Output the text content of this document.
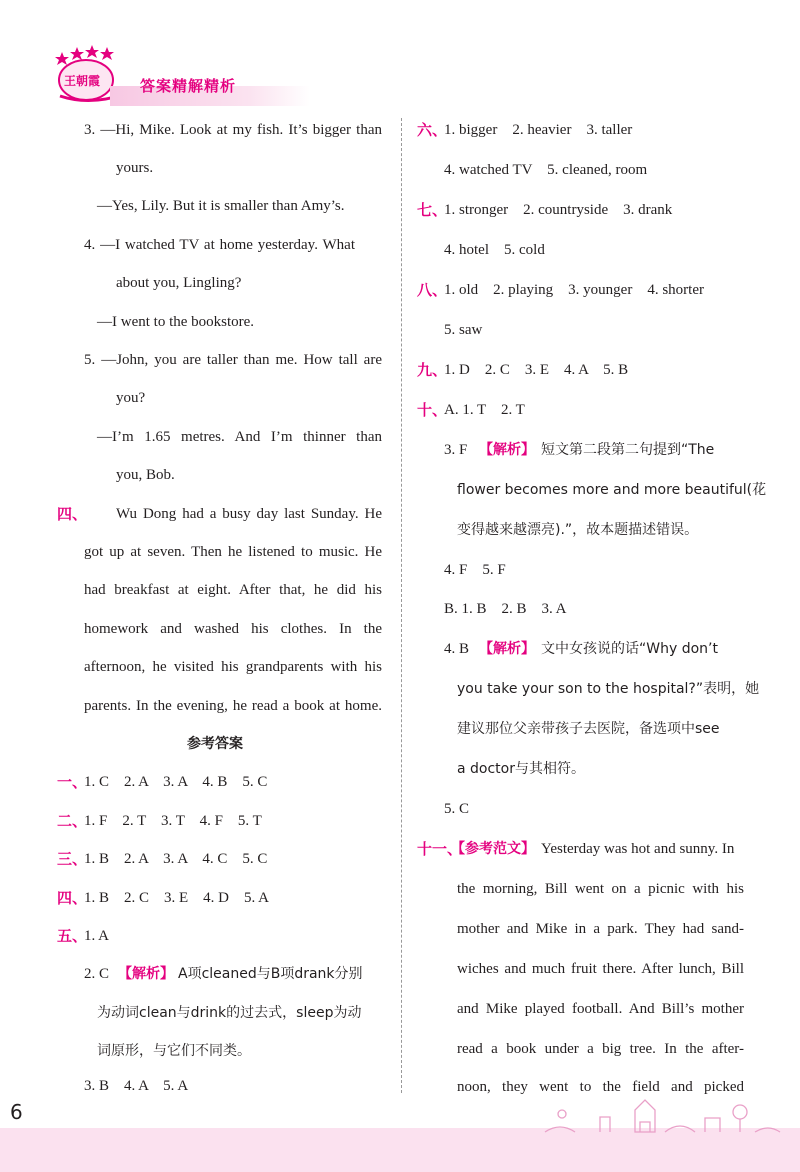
王朝霞	答案精解精析
3. —Hi, Mike. Look at my fish. It’s bigger than
yours.
—Yes, Lily. But it is smaller than Amy’s.
4. —I watched TV at home yesterday. What
about you, Lingling?
—I went to the bookstore.
5. —John, you are taller than me. How tall are
you?
—I’m 1.65 metres. And I’m thinner than
you, Bob.
四、 Wu Dong had a busy day last Sunday. He
got up at seven. Then he listened to music. He
had breakfast at eight. After that, he did his
homework and washed his clothes. In the
afternoon, he visited his grandparents with his
parents. In the evening, he read a book at home.
参考答案
一、
1. C    2. A    3. A    4. B    5. C
二、
1. F    2. T    3. T    4. F    5. T
三、
1. B    2. A    3. A    4. C    5. C
四、
1. B    2. C    3. E    4. D    5. A
五、
1. A
2. C 【解析】 A项cleaned与B项drank分别
为动词clean与drink的过去式，sleep为动
词原形，与它们不同类。
3. B    4. A    5. A
六、
1. bigger    2. heavier    3. taller
4. watched TV    5. cleaned, room
七、
1. stronger    2. countryside    3. drank
4. hotel    5. cold
八、
1. old    2. playing    3. younger    4. shorter
5. saw
九、
1. D    2. C    3. E    4. A    5. B
十、
A. 1. T    2. T
3. F 【解析】 短文第二段第二句提到“The
flower becomes more and more beautiful(花
变得越来越漂亮).”，故本题描述错误。
4. F    5. F
B. 1. B    2. B    3. A
4. B 【解析】 文中女孩说的话“Why don’t
you take your son to the hospital?”表明，她
建议那位父亲带孩子去医院，备选项中see
a doctor与其相符。
5. C
十一、
【参考范文】 Yesterday was hot and sunny. In
the morning, Bill went on a picnic with his
mother and Mike in a park. They had sand-
wiches and much fruit there. After lunch, Bill
and Mike played football. And Bill’s mother
read a book under a big tree. In the after-
noon, they went to the field and picked
6
